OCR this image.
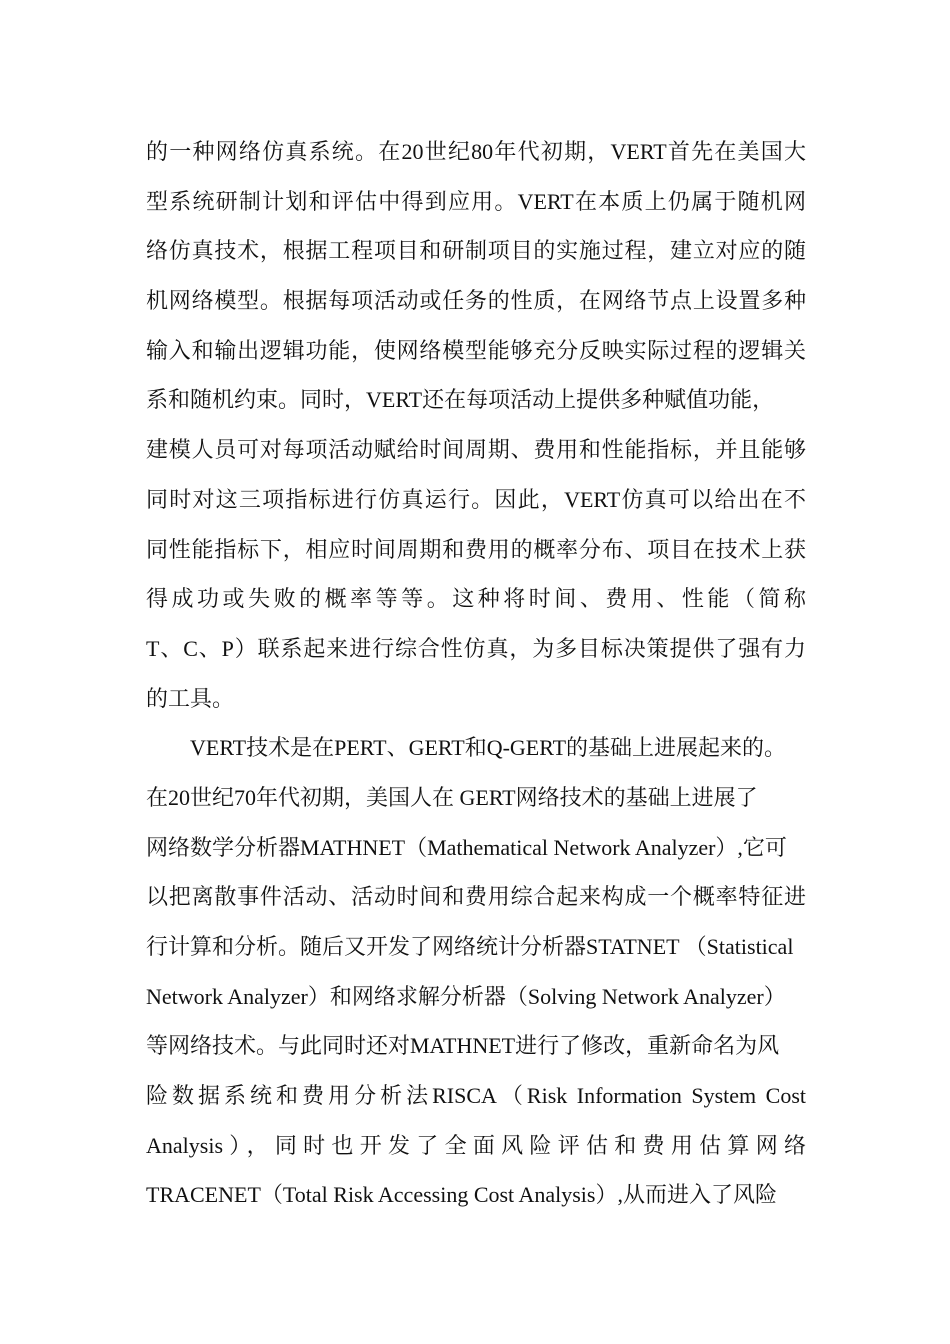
的一种网络仿真系统。在20世纪80年代初期，VERT首先在美国大
型系统研制计划和评估中得到应用。VERT在本质上仍属于随机网
络仿真技术，根据工程项目和研制项目的实施过程，建立对应的随
机网络模型。根据每项活动或任务的性质，在网络节点上设置多种
输入和输出逻辑功能，使网络模型能够充分反映实际过程的逻辑关
系和随机约束。同时，VERT还在每项活动上提供多种赋值功能，
建模人员可对每项活动赋给时间周期、费用和性能指标，并且能够
同时对这三项指标进行仿真运行。因此，VERT仿真可以给出在不
同性能指标下，相应时间周期和费用的概率分布、项目在技术上获
得成功或失败的概率等等。这种将时间、费用、性能（简称
T、C、P）联系起来进行综合性仿真，为多目标决策提供了强有力
的工具。
VERT技术是在PERT、GERT和Q-GERT的基础上进展起来的。
在20世纪70年代初期，美国人在 GERT网络技术的基础上进展了
网络数学分析器MATHNET（Mathematical Network Analyzer）,它可
以把离散事件活动、活动时间和费用综合起来构成一个概率特征进
行计算和分析。随后又开发了网络统计分析器STATNET （Statistical
Network Analyzer）和网络求解分析器（Solving Network Analyzer）
等网络技术。与此同时还对MATHNET进行了修改，重新命名为风
险数据系统和费用分析法RISCA（Risk Information System Cost
Analysis），同时也开发了全面风险评估和费用估算网络
TRACENET（Total Risk Accessing Cost Analysis）,从而进入了风险
